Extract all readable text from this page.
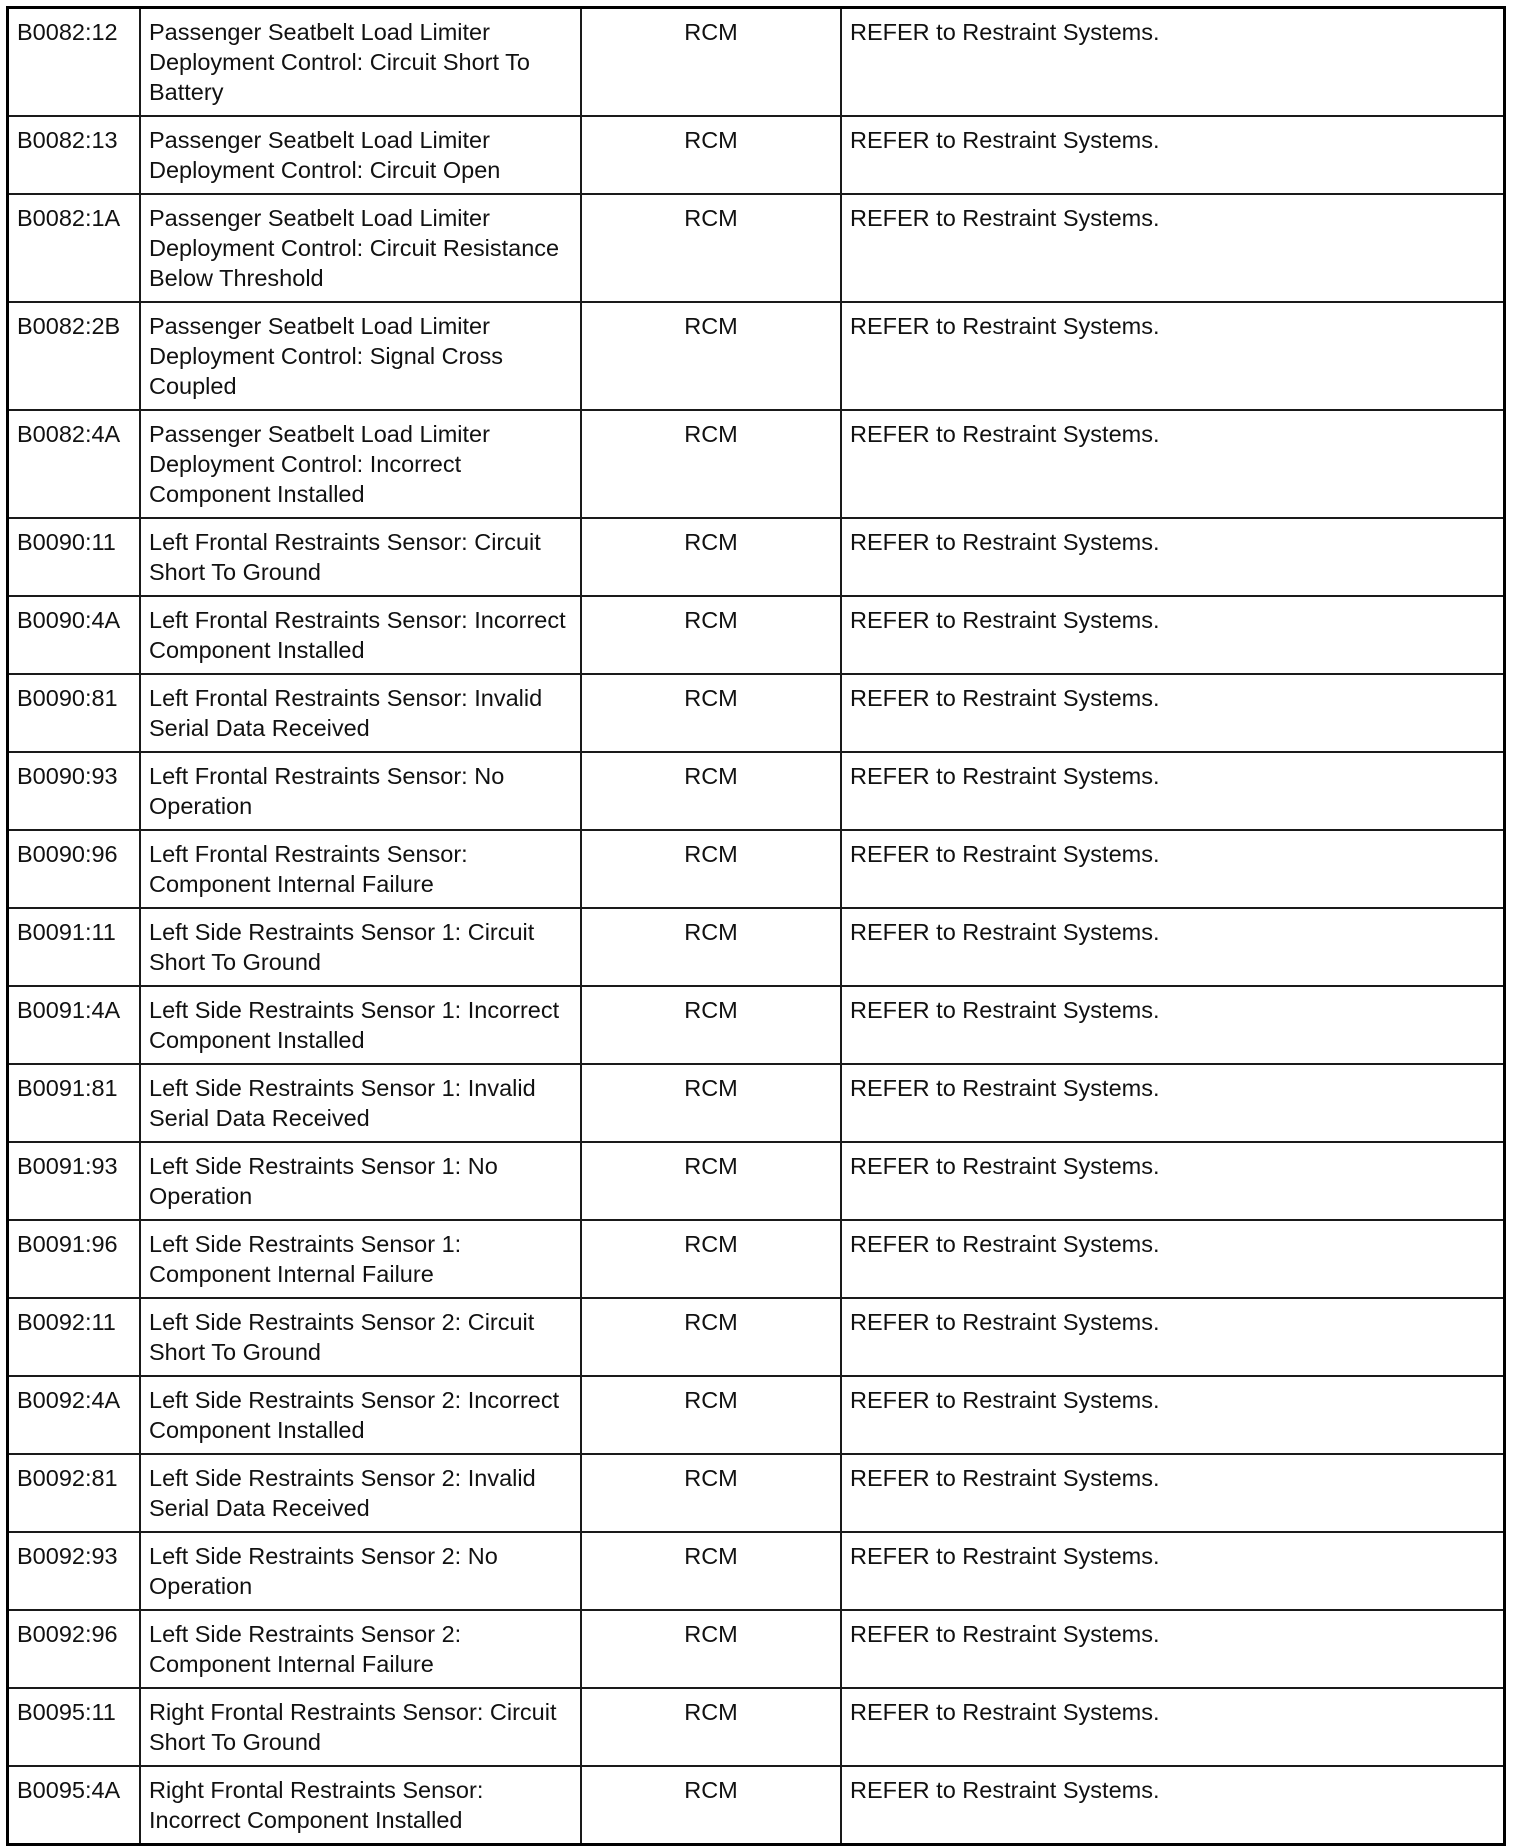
B0082:12	Passenger Seatbelt Load Limiter Deployment Control: Circuit Short To Battery	RCM	REFER to Restraint Systems.
B0082:13	Passenger Seatbelt Load Limiter Deployment Control: Circuit Open	RCM	REFER to Restraint Systems.
B0082:1A	Passenger Seatbelt Load Limiter Deployment Control: Circuit Resistance Below Threshold	RCM	REFER to Restraint Systems.
B0082:2B	Passenger Seatbelt Load Limiter Deployment Control: Signal Cross Coupled	RCM	REFER to Restraint Systems.
B0082:4A	Passenger Seatbelt Load Limiter Deployment Control: Incorrect Component Installed	RCM	REFER to Restraint Systems.
B0090:11	Left Frontal Restraints Sensor: Circuit Short To Ground	RCM	REFER to Restraint Systems.
B0090:4A	Left Frontal Restraints Sensor: Incorrect Component Installed	RCM	REFER to Restraint Systems.
B0090:81	Left Frontal Restraints Sensor: Invalid Serial Data Received	RCM	REFER to Restraint Systems.
B0090:93	Left Frontal Restraints Sensor: No Operation	RCM	REFER to Restraint Systems.
B0090:96	Left Frontal Restraints Sensor: Component Internal Failure	RCM	REFER to Restraint Systems.
B0091:11	Left Side Restraints Sensor 1: Circuit Short To Ground	RCM	REFER to Restraint Systems.
B0091:4A	Left Side Restraints Sensor 1: Incorrect Component Installed	RCM	REFER to Restraint Systems.
B0091:81	Left Side Restraints Sensor 1: Invalid Serial Data Received	RCM	REFER to Restraint Systems.
B0091:93	Left Side Restraints Sensor 1: No Operation	RCM	REFER to Restraint Systems.
B0091:96	Left Side Restraints Sensor 1: Component Internal Failure	RCM	REFER to Restraint Systems.
B0092:11	Left Side Restraints Sensor 2: Circuit Short To Ground	RCM	REFER to Restraint Systems.
B0092:4A	Left Side Restraints Sensor 2: Incorrect Component Installed	RCM	REFER to Restraint Systems.
B0092:81	Left Side Restraints Sensor 2: Invalid Serial Data Received	RCM	REFER to Restraint Systems.
B0092:93	Left Side Restraints Sensor 2: No Operation	RCM	REFER to Restraint Systems.
B0092:96	Left Side Restraints Sensor 2: Component Internal Failure	RCM	REFER to Restraint Systems.
B0095:11	Right Frontal Restraints Sensor: Circuit Short To Ground	RCM	REFER to Restraint Systems.
B0095:4A	Right Frontal Restraints Sensor: Incorrect Component Installed	RCM	REFER to Restraint Systems.
